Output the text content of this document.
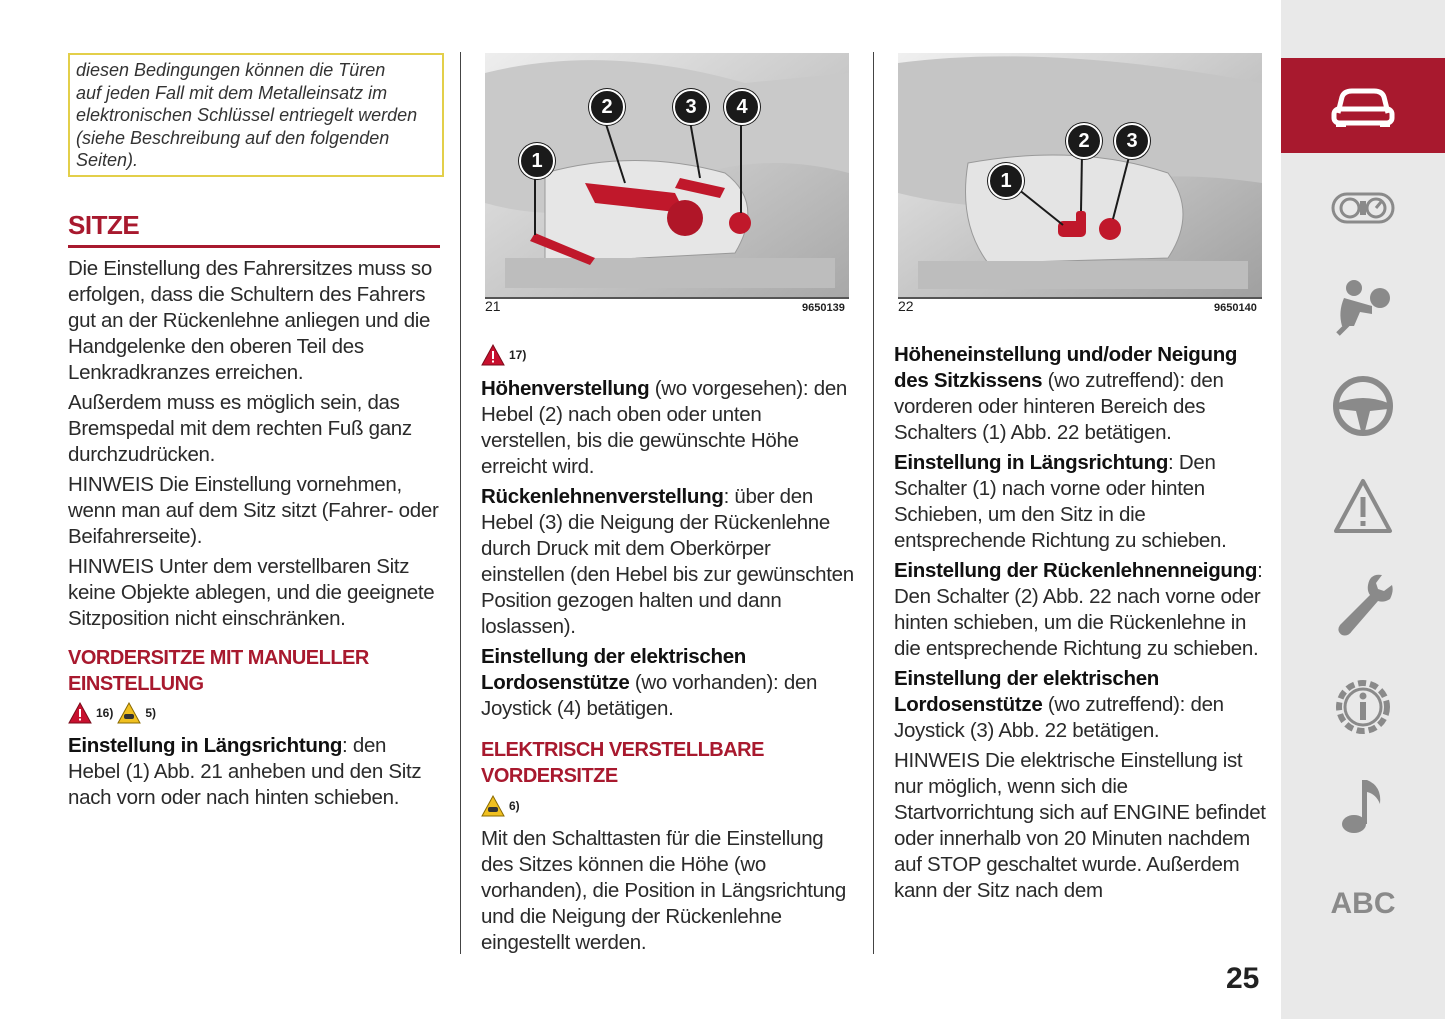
diesen Bedingungen können die Türen

auf jeden Fall mit dem Metalleinsatz im

elektronischen Schlüssel entriegelt werden

(siehe Beschreibung auf den folgenden

Seiten).

SITZE

Die Einstellung des Fahrersitzes muss so erfolgen, dass die Schultern des Fahrers gut an der Rückenlehne anliegen und die Handgelenke den oberen Teil des Lenkradkranzes erreichen.

Außerdem muss es möglich sein, das Bremspedal mit dem rechten Fuß ganz durchzudrücken.

HINWEIS Die Einstellung vornehmen, wenn man auf dem Sitz sitzt (Fahrer- oder Beifahrerseite).

HINWEIS Unter dem verstellbaren Sitz keine Objekte ablegen, und die geeignete Sitzposition nicht einschränken.

VORDERSITZE MIT MANUELLER
EINSTELLUNG
16)	5)

Einstellung in Längsrichtung: den Hebel (1) Abb. 21 anheben und den Sitz nach vorn oder nach hinten schieben.

1
2	3	4
21	9650139
17)

Höhenverstellung (wo vorgesehen): den Hebel (2) nach oben oder unten verstellen, bis die gewünschte Höhe erreicht wird.

Rückenlehnenverstellung: über den Hebel (3) die Neigung der Rückenlehne durch Druck mit dem Oberkörper einstellen (den Hebel bis zur gewünschten Position gezogen halten und dann loslassen).

Einstellung der elektrischen Lordosenstütze (wo vorhanden): den Joystick (4) betätigen.

ELEKTRISCH VERSTELLBARE
VORDERSITZE
6)

Mit den Schalttasten für die Einstellung des Sitzes können die Höhe (wo vorhanden), die Position in Längsrichtung und die Neigung der Rückenlehne eingestellt werden.

1
2	3
22	9650140

Höheneinstellung und/oder Neigung des Sitzkissens (wo zutreffend): den vorderen oder hinteren Bereich des Schalters (1) Abb. 22 betätigen.

Einstellung in Längsrichtung: Den Schalter (1) nach vorne oder hinten Schieben, um den Sitz in die entsprechende Richtung zu schieben.

Einstellung der Rückenlehnenneigung: Den Schalter (2) Abb. 22 nach vorne oder hinten schieben, um die Rückenlehne in die entsprechende Richtung zu schieben.

Einstellung der elektrischen Lordosenstütze (wo zutreffend): den Joystick (3) Abb. 22 betätigen.

HINWEIS Die elektrische Einstellung ist nur möglich, wenn sich die Startvorrichtung sich auf ENGINE befindet oder innerhalb von 20 Minuten nachdem auf STOP geschaltet wurde. Außerdem kann der Sitz nach dem	ABC
25
